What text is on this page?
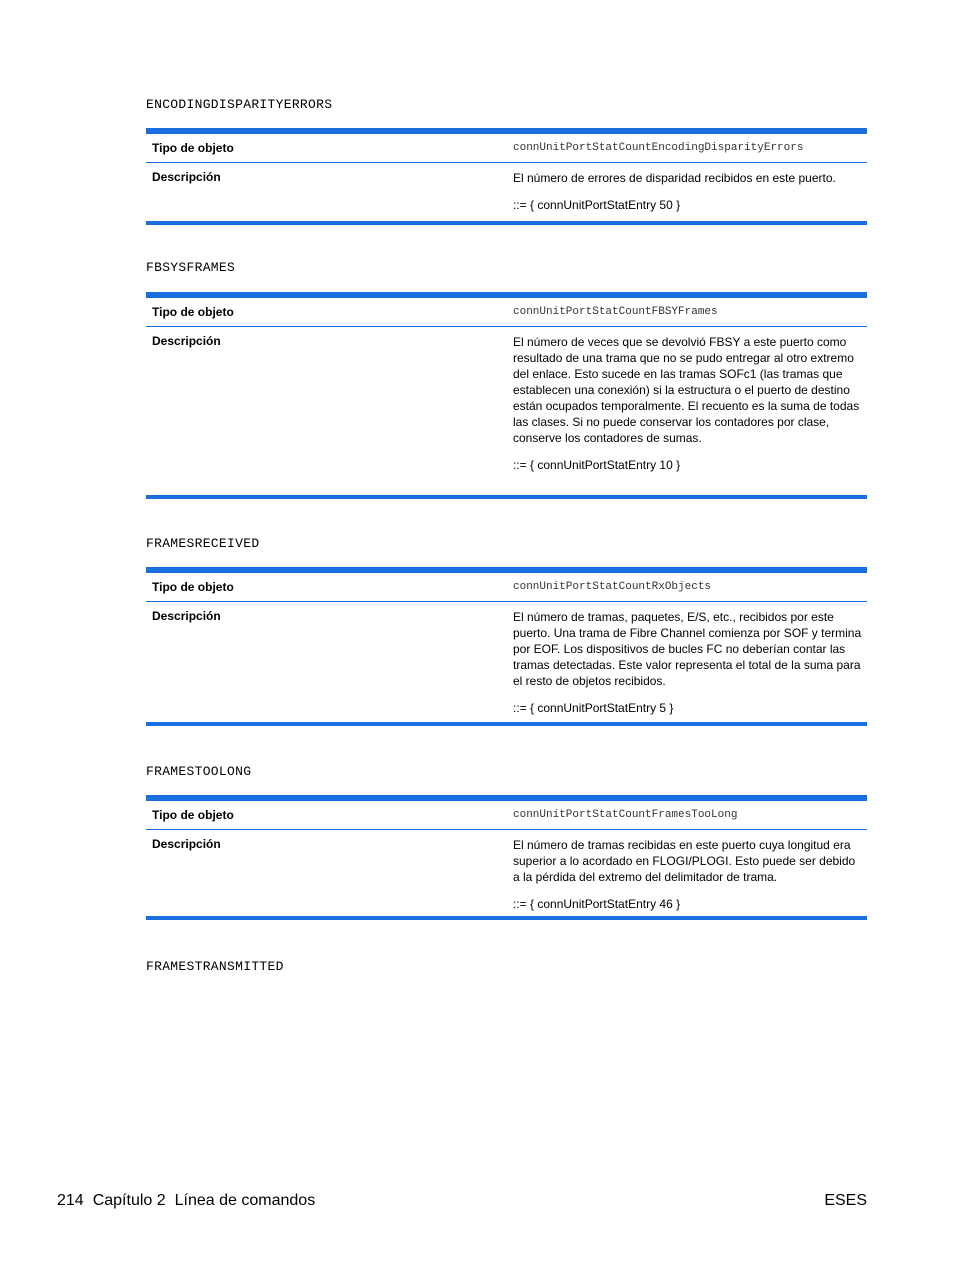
ENCODINGDISPARITYERRORS
Tipo de objeto	connUnitPortStatCountEncodingDisparityErrors
Descripción	El número de errores de disparidad recibidos en este puerto.

::= { connUnitPortStatEntry 50 }

FBSYSFRAMES
Tipo de objeto	connUnitPortStatCountFBSYFrames
Descripción	El número de veces que se devolvió FBSY a este puerto como resultado de una trama que no se pudo entregar al otro extremo del enlace. Esto sucede en las tramas SOFc1 (las tramas que establecen una conexión) si la estructura o el puerto de destino están ocupados temporalmente. El recuento es la suma de todas las clases. Si no puede conservar los contadores por clase, conserve los contadores de sumas.

::= { connUnitPortStatEntry 10 }

FRAMESRECEIVED
Tipo de objeto	connUnitPortStatCountRxObjects
Descripción	El número de tramas, paquetes, E/S, etc., recibidos por este puerto. Una trama de Fibre Channel comienza por SOF y termina por EOF. Los dispositivos de bucles FC no deberían contar las tramas detectadas. Este valor representa el total de la suma para el resto de objetos recibidos.

::= { connUnitPortStatEntry 5 }

FRAMESTOOLONG
Tipo de objeto	connUnitPortStatCountFramesTooLong
Descripción	El número de tramas recibidas en este puerto cuya longitud era superior a lo acordado en FLOGI/PLOGI. Esto puede ser debido a la pérdida del extremo del delimitador de trama.

::= { connUnitPortStatEntry 46 }

FRAMESTRANSMITTED
214 Capítulo 2 Línea de comandos	ESES
